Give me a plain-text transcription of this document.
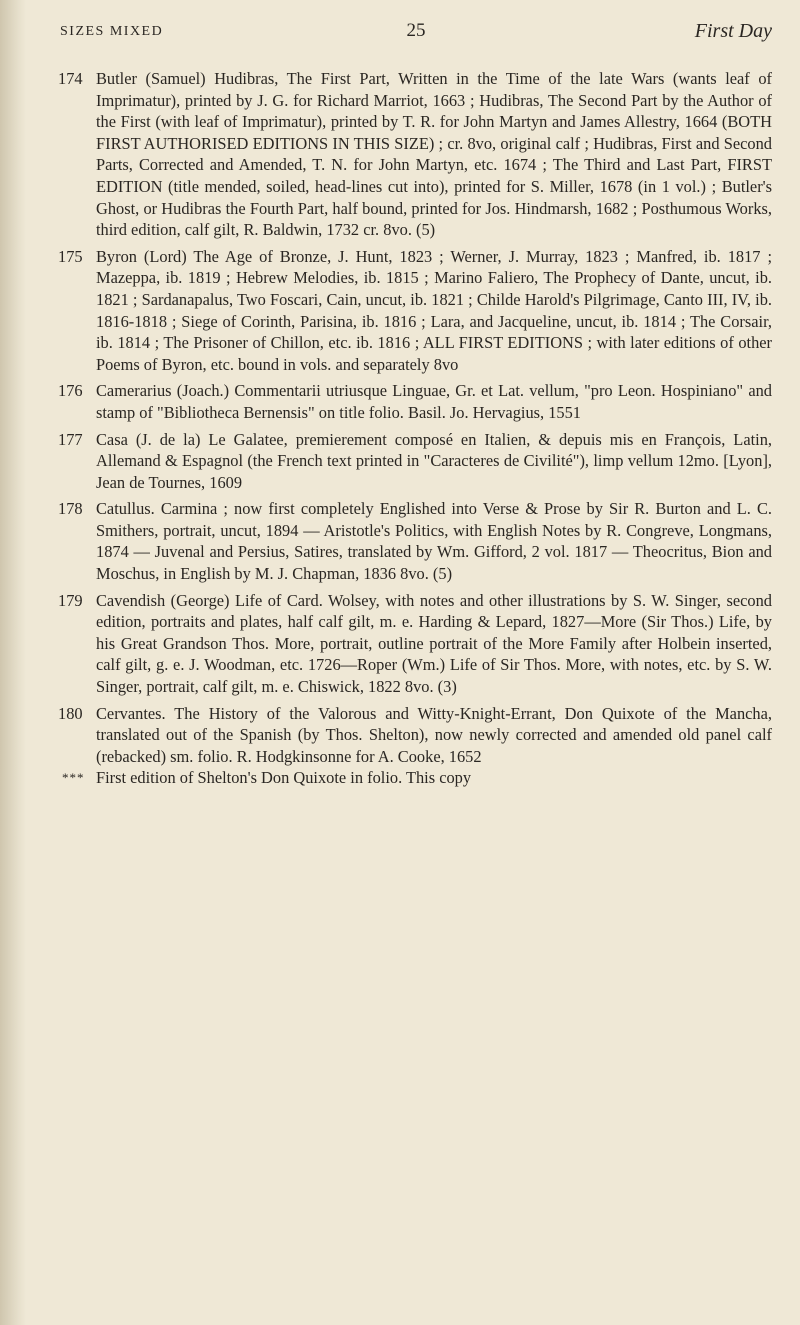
SIZES MIXED	25	First Day
174 Butler (Samuel) Hudibras, The First Part, Written in the Time of the late Wars (wants leaf of Imprimatur), printed by J. G. for Richard Marriot, 1663 ; Hudibras, The Second Part by the Author of the First (with leaf of Imprimatur), printed by T. R. for John Martyn and James Allestry, 1664 (BOTH FIRST AUTHORISED EDITIONS IN THIS SIZE) ; cr. 8vo, original calf ; Hudibras, First and Second Parts, Corrected and Amended, T. N. for John Martyn, etc. 1674 ; The Third and Last Part, FIRST EDITION (title mended, soiled, head-lines cut into), printed for S. Miller, 1678 (in 1 vol.) ; Butler's Ghost, or Hudibras the Fourth Part, half bound, printed for Jos. Hindmarsh, 1682 ; Posthumous Works, third edition, calf gilt, R. Baldwin, 1732 cr. 8vo. (5)
175 Byron (Lord) The Age of Bronze, J. Hunt, 1823 ; Werner, J. Murray, 1823 ; Manfred, ib. 1817 ; Mazeppa, ib. 1819 ; Hebrew Melodies, ib. 1815 ; Marino Faliero, The Prophecy of Dante, uncut, ib. 1821 ; Sardanapalus, Two Foscari, Cain, uncut, ib. 1821 ; Childe Harold's Pilgrimage, Canto III, IV, ib. 1816-1818 ; Siege of Corinth, Parisina, ib. 1816 ; Lara, and Jacqueline, uncut, ib. 1814 ; The Corsair, ib. 1814 ; The Prisoner of Chillon, etc. ib. 1816 ; ALL FIRST EDITIONS ; with later editions of other Poems of Byron, etc. bound in vols. and separately 8vo
176 Camerarius (Joach.) Commentarii utriusque Linguae, Gr. et Lat. vellum, "pro Leon. Hospiniano" and stamp of "Bibliotheca Bernensis" on title folio. Basil. Jo. Hervagius, 1551
177 Casa (J. de la) Le Galatee, premierement composé en Italien, & depuis mis en François, Latin, Allemand & Espagnol (the French text printed in "Caracteres de Civilité"), limp vellum 12mo. [Lyon], Jean de Tournes, 1609
178 Catullus. Carmina ; now first completely Englished into Verse & Prose by Sir R. Burton and L. C. Smithers, portrait, uncut, 1894 — Aristotle's Politics, with English Notes by R. Congreve, Longmans, 1874 — Juvenal and Persius, Satires, translated by Wm. Gifford, 2 vol. 1817 — Theocritus, Bion and Moschus, in English by M. J. Chapman, 1836 8vo. (5)
179 Cavendish (George) Life of Card. Wolsey, with notes and other illustrations by S. W. Singer, second edition, portraits and plates, half calf gilt, m. e. Harding & Lepard, 1827—More (Sir Thos.) Life, by his Great Grandson Thos. More, portrait, outline portrait of the More Family after Holbein inserted, calf gilt, g. e. J. Woodman, etc. 1726—Roper (Wm.) Life of Sir Thos. More, with notes, etc. by S. W. Singer, portrait, calf gilt, m. e. Chiswick, 1822 8vo. (3)
180 Cervantes. The History of the Valorous and Witty-Knight-Errant, Don Quixote of the Mancha, translated out of the Spanish (by Thos. Shelton), now newly corrected and amended old panel calf (rebacked) sm. folio. R. Hodgkinsonne for A. Cooke, 1652
*** First edition of Shelton's Don Quixote in folio. This copy
